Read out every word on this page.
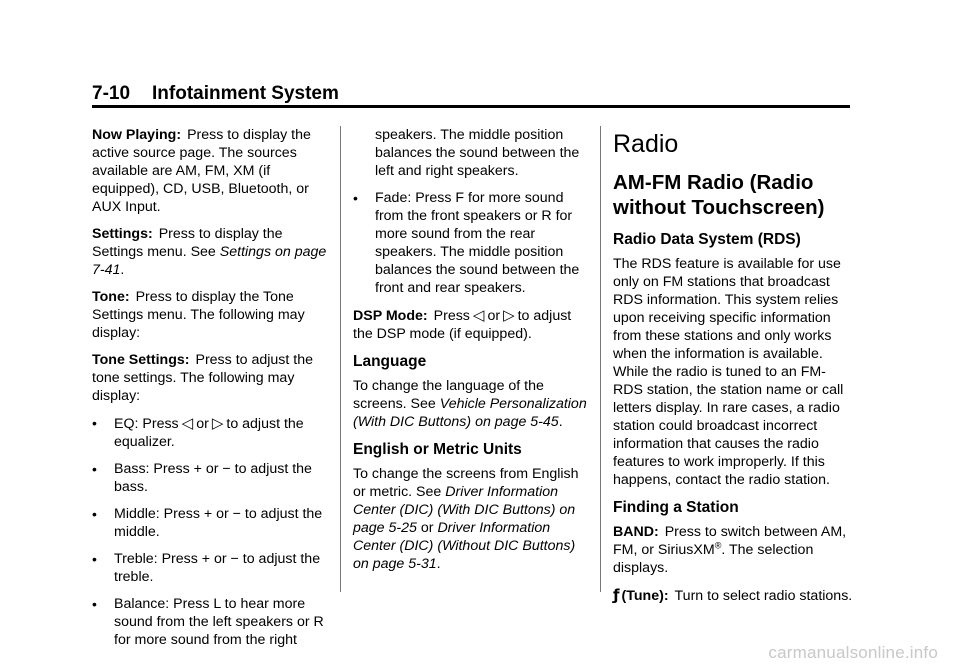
7-10 Infotainment System

Now Playing: Press to display the active source page. The sources available are AM, FM, XM (if equipped), CD, USB, Bluetooth, or AUX Input.

Settings: Press to display the Settings menu. See Settings on page 7-41.

Tone: Press to display the Tone Settings menu. The following may display:

Tone Settings: Press to adjust the tone settings. The following may display:

• EQ: Press ◁ or ▷ to adjust the equalizer.
• Bass: Press + or − to adjust the bass.
• Middle: Press + or − to adjust the middle.
• Treble: Press + or − to adjust the treble.
• Balance: Press L to hear more sound from the left speakers or R for more sound from the right
speakers. The middle position balances the sound between the left and right speakers.
• Fade: Press F for more sound from the front speakers or R for more sound from the rear speakers. The middle position balances the sound between the front and rear speakers.

DSP Mode: Press ◁ or ▷ to adjust the DSP mode (if equipped).

Language

To change the language of the screens. See Vehicle Personalization (With DIC Buttons) on page 5-45.

English or Metric Units

To change the screens from English or metric. See Driver Information Center (DIC) (With DIC Buttons) on page 5-25 or Driver Information Center (DIC) (Without DIC Buttons) on page 5-31.

Radio
AM-FM Radio (Radio without Touchscreen)
Radio Data System (RDS)

The RDS feature is available for use only on FM stations that broadcast RDS information. This system relies upon receiving specific information from these stations and only works when the information is available. While the radio is tuned to an FM-RDS station, the station name or call letters display. In rare cases, a radio station could broadcast incorrect information that causes the radio features to work improperly. If this happens, contact the radio station.

Finding a Station

BAND: Press to switch between AM, FM, or SiriusXM®. The selection displays.

ƒ (Tune): Turn to select radio stations.

carmanualsonline.info
